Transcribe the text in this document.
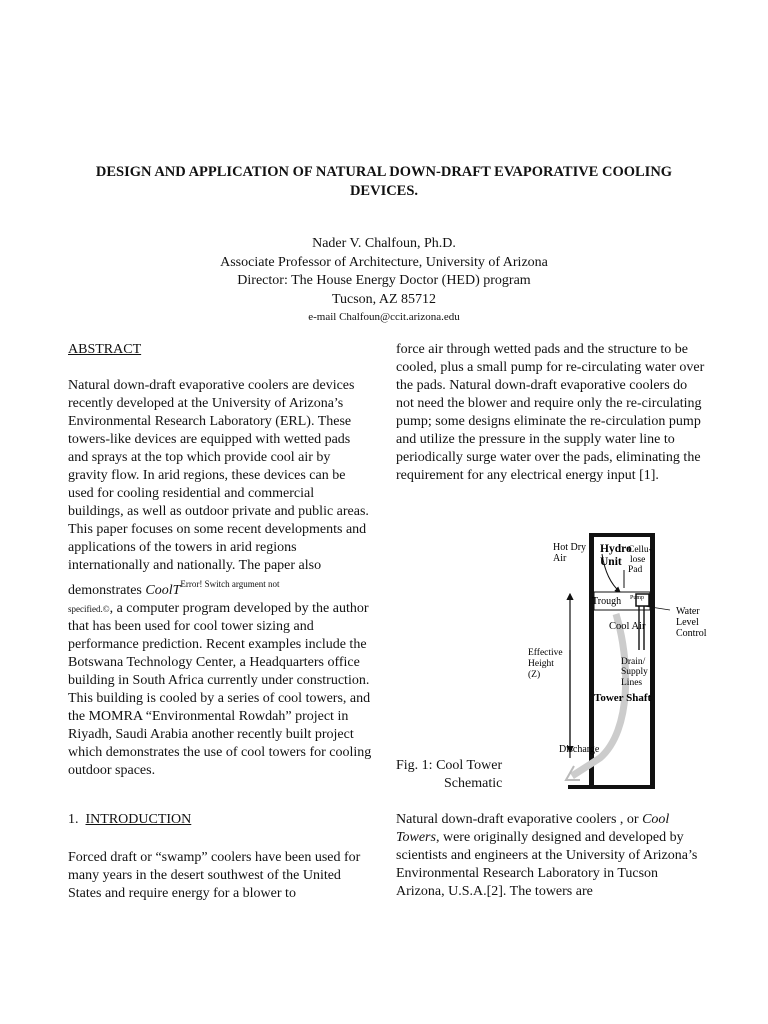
DESIGN AND APPLICATION OF NATURAL DOWN-DRAFT EVAPORATIVE COOLING
DEVICES.
Nader V. Chalfoun, Ph.D.
Associate Professor of Architecture, University of Arizona
Director: The House Energy Doctor (HED) program
Tucson, AZ 85712
e-mail Chalfoun@ccit.arizona.edu

ABSTRACT

Natural down-draft evaporative coolers are devices recently developed at the University of Arizona’s Environmental Research Laboratory (ERL). These towers-like devices are equipped with wetted pads and sprays at the top which provide cool air by gravity flow. In arid regions, these devices can be used for cooling residential and commercial buildings, as well as outdoor private and public areas. This paper focuses on some recent developments and applications of the towers in arid regions internationally and nationally. The paper also demonstrates CoolT$^{Error! Switch argument not}$
specified.©, a computer program developed by the author that has been used for cool tower sizing and performance prediction. Recent examples include the Botswana Technology Center, a Headquarters office building in South Africa currently under construction. This building is cooled by a series of cool towers, and the MOMRA “Environmental Rowdah” project in Riyadh, Saudi Arabia another recently built project which demonstrates the use of cool towers for cooling outdoor spaces.

force air through wetted pads and the structure to be cooled, plus a small pump for re-circulating water over the pads. Natural down-draft evaporative coolers do not need the blower and require only the re-circulating pump; some designs eliminate the re-circulation pump and utilize the pressure in the supply water line to periodically surge water over the pads, eliminating the requirement for any electrical energy input [1].

Hot Dry Air
Hydro Unit
Cellu-lose Pad
Trough Pump
Cool Air
Water Level Control
Effective Height (Z)
Drain/ Supply Lines
Tower Shaft
Discharge
Fig. 1: Cool Tower
Schematic
1. INTRODUCTION
Forced draft or “swamp” coolers have been used for many years in the desert southwest of the United States and require energy for a blower to
Natural down-draft evaporative coolers , or Cool Towers, were originally designed and developed by scientists and engineers at the University of Arizona’s Environmental Research Laboratory in Tucson Arizona, U.S.A.[2]. The towers are
